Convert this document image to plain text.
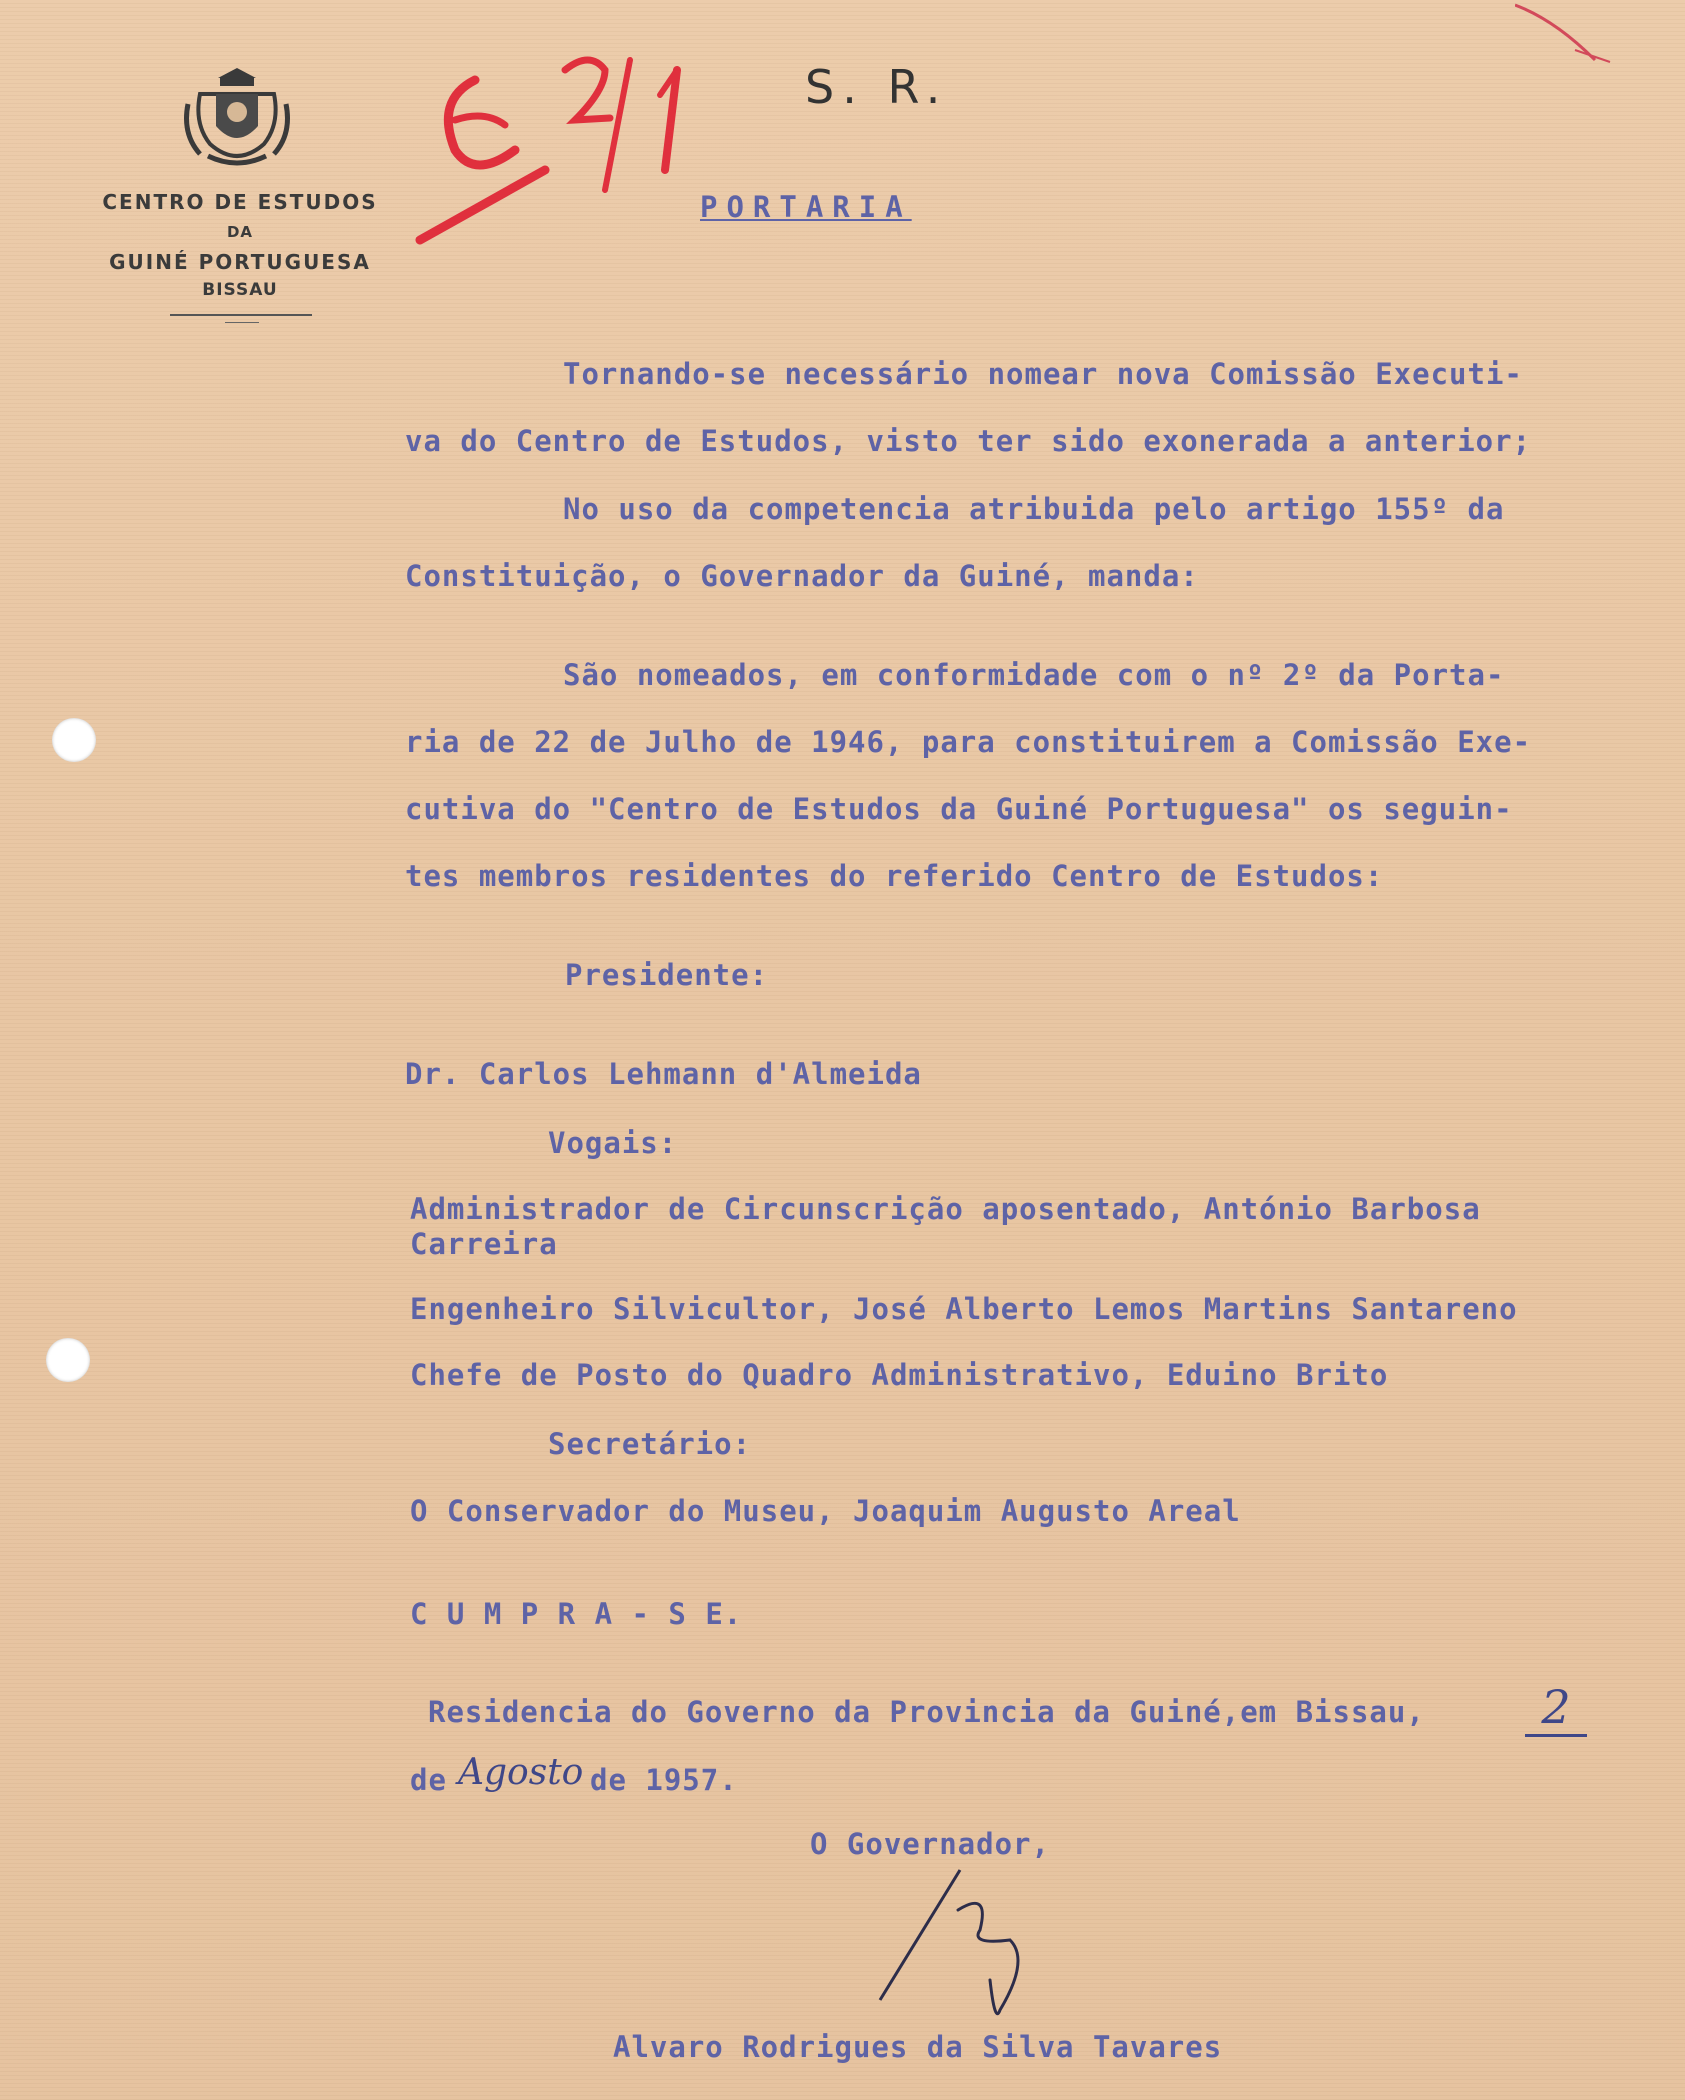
CENTRO DE ESTUDOS
DA
GUINÉ PORTUGUESA
BISSAU
S. R.
PORTARIA
Tornando-se necessário nomear nova Comissão Executi-
va do Centro de Estudos, visto ter sido exonerada a anterior;
No uso da competencia atribuida pelo artigo 155º da
Constituição, o Governador da Guiné, manda:
São nomeados, em conformidade com o nº 2º da Porta-
ria de 22 de Julho de 1946, para constituirem a Comissão Exe-
cutiva do "Centro de Estudos da Guiné Portuguesa" os seguin-
tes membros residentes do referido Centro de Estudos:
Presidente:
Dr. Carlos Lehmann d'Almeida
Vogais:
Administrador de Circunscrição aposentado, António Barbosa
Carreira
Engenheiro Silvicultor, José Alberto Lemos Martins Santareno
Chefe de Posto do Quadro Administrativo, Eduino Brito
Secretário:
O Conservador do Museu, Joaquim Augusto Areal
C U M P R A - S E.
Residencia do Governo da Provincia da Guiné,em Bissau,	2
de Agosto de 1957.
O Governador,
Alvaro Rodrigues da Silva Tavares
